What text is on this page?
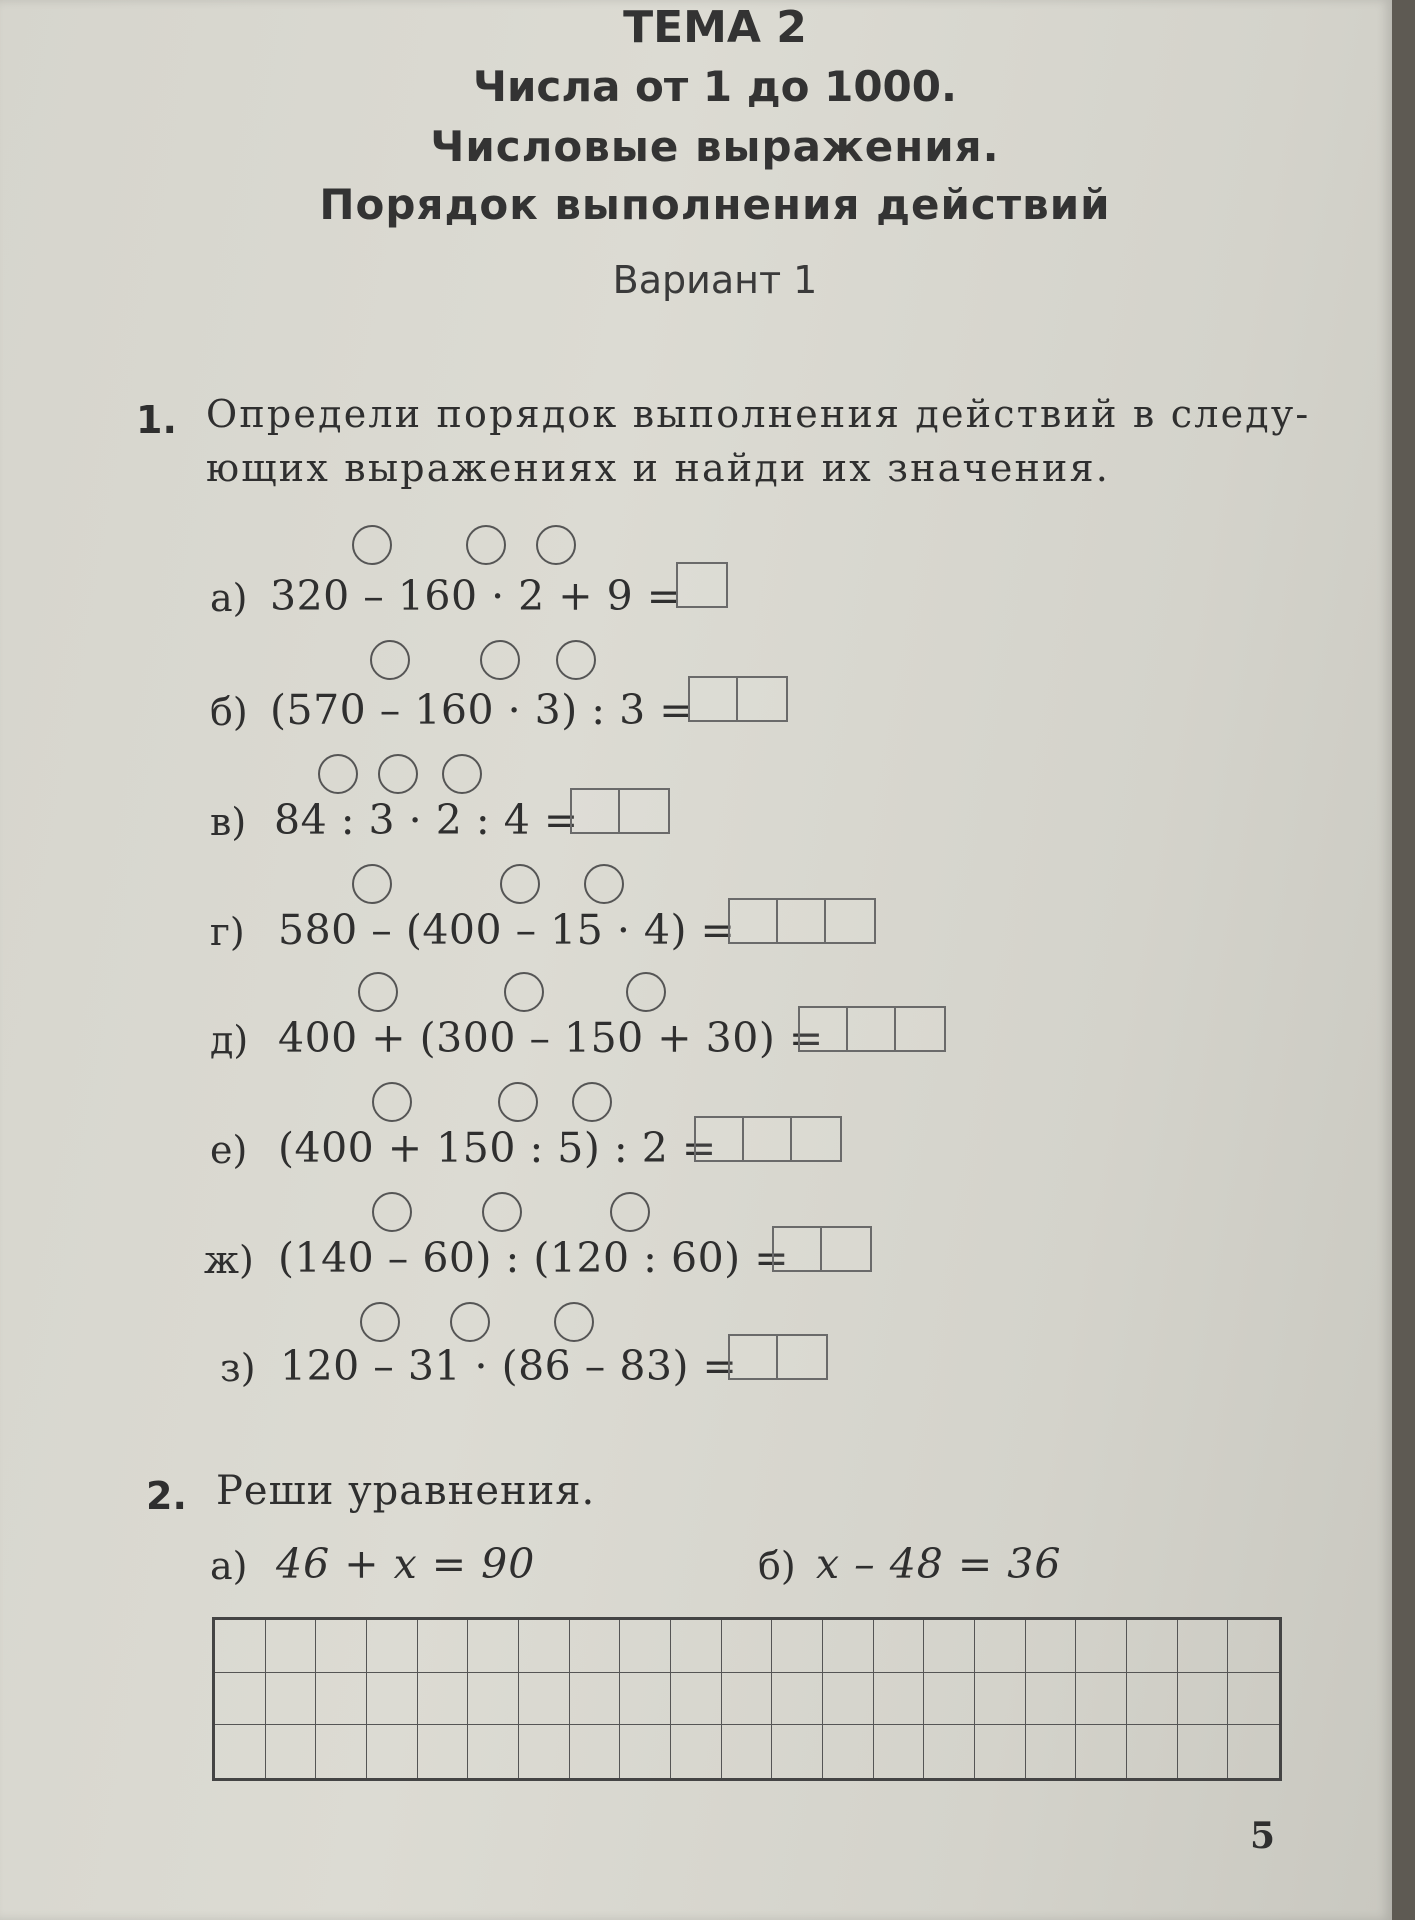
ТЕМА 2
Числа от 1 до 1000.
Числовые выражения.
Порядок выполнения действий
Вариант 1
1. Определи порядок выполнения действий в следу-
ющих выражениях и найди их значения.
а) 320 – 160 · 2 + 9 =
б) (570 – 160 · 3) : 3 =
в) 84 : 3 · 2 : 4 =
г) 580 – (400 – 15 · 4) =
д) 400 + (300 – 150 + 30) =
е) (400 + 150 : 5) : 2 =
ж) (140 – 60) : (120 : 60) =
з) 120 – 31 · (86 – 83) =
2. Реши уравнения.
а) 46 + x = 90	б) x – 48 = 36
5
